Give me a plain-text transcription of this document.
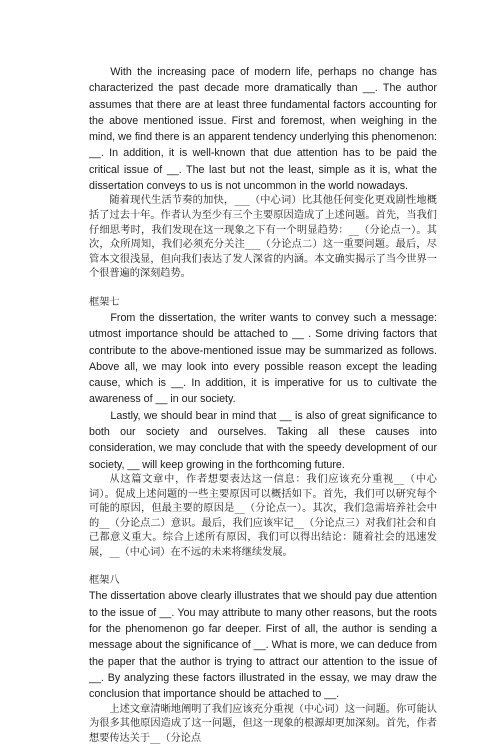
With the increasing pace of modern life, perhaps no change has characterized the past decade more dramatically than __. The author assumes that there are at least three fundamental factors accounting for the above mentioned issue. First and foremost, when weighing in the mind, we find there is an apparent tendency underlying this phenomenon: __. In addition, it is well-known that due attention has to be paid the critical issue of __. The last but not the least, simple as it is, what the dissertation conveys to us is not uncommon in the world nowadays.

随着现代生活节奏的加快，___（中心词）比其他任何变化更戏剧性地概括了过去十年。作者认为至少有三个主要原因造成了上述问题。首先，当我们仔细思考时，我们发现在这一现象之下有一个明显趋势：__（分论点一）。其次，众所周知，我们必须充分关注___（分论点二）这一重要问题。最后，尽管本文很浅显，但向我们表达了发人深省的内涵。本文确实揭示了当今世界一个很普遍的深刻趋势。

框架七

From the dissertation, the writer wants to convey such a message: utmost importance should be attached to __ . Some driving factors that contribute to the above-mentioned issue may be summarized as follows. Above all, we may look into every possible reason except the leading cause, which is __. In addition, it is imperative for us to cultivate the awareness of __ in our society.

Lastly, we should bear in mind that __ is also of great significance to both our society and ourselves. Taking all these causes into consideration, we may conclude that with the speedy development of our society, __ will keep growing in the forthcoming future.

从这篇文章中，作者想要表达这一信息：我们应该充分重视__（中心词）。促成上述问题的一些主要原因可以概括如下。首先，我们可以研究每个可能的原因，但最主要的原因是__（分论点一）。其次，我们急需培养社会中的__（分论点二）意识。最后，我们应该牢记__（分论点三）对我们社会和自己都意义重大。综合上述所有原因，我们可以得出结论：随着社会的迅速发展，__（中心词）在不远的未来将继续发展。

框架八

The dissertation above clearly illustrates that we should pay due attention to the issue of __. You may attribute to many other reasons, but the roots for the phenomenon go far deeper. First of all, the author is sending a message about the significance of __. What is more, we can deduce from the paper that the author is trying to attract our attention to the issue of __. By analyzing these factors illustrated in the essay, we may draw the conclusion that importance should be attached to __.

上述文章清晰地阐明了我们应该充分重视（中心词）这一问题。你可能认为很多其他原因造成了这一问题，但这一现象的根源却更加深刻。首先，作者想要传达关于__（分论点
